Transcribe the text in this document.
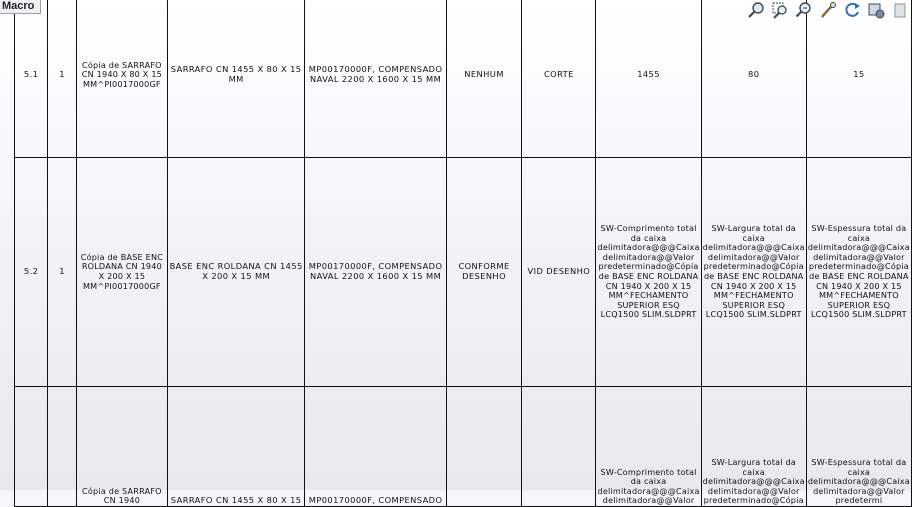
Macro
5.1	1	Cópia de SARRAFO CN 1940 X 80 X 15 MM^PI0017000GF	SARRAFO CN 1455 X 80 X 15 MM	MP00170000F, COMPENSADO NAVAL 2200 X 1600 X 15 MM	NENHUM	CORTE	1455	80	15
5.2	1	Cópia de BASE ENC ROLDANA CN 1940 X 200 X 15 MM^PI0017000GF	BASE ENC ROLDANA CN 1455 X 200 X 15 MM	MP00170000F, COMPENSADO NAVAL 2200 X 1600 X 15 MM	CONFORME DESENHO	VID DESENHO	SW-Comprimento total da caixa delimitadora@@@Caixa delimitadora@@Valor predeterminado@Cópia de BASE ENC ROLDANA CN 1940 X 200 X 15 MM^FECHAMENTO SUPERIOR ESQ LCQ1500 SLIM.SLDPRT	SW-Largura total da caixa delimitadora@@@Caixa delimitadora@@Valor predeterminado@Cópia de BASE ENC ROLDANA CN 1940 X 200 X 15 MM^FECHAMENTO SUPERIOR ESQ LCQ1500 SLIM.SLDPRT	SW-Espessura total da caixa delimitadora@@@Caixa delimitadora@@Valor predeterminado@Cópia de BASE ENC ROLDANA CN 1940 X 200 X 15 MM^FECHAMENTO SUPERIOR ESQ LCQ1500 SLIM.SLDPRT
		Cópia de SARRAFO CN 1940	SARRAFO CN 1455 X 80 X 15	MP00170000F, COMPENSADO			SW-Comprimento total da caixa delimitadora@@@Caixa delimitadora@@Valor	SW-Largura total da caixa delimitadora@@@Caixa delimitadora@@Valor predeterminado@Cópia	SW-Espessura total da caixa delimitadora@@@Caixa delimitadora@@Valor predetermi
